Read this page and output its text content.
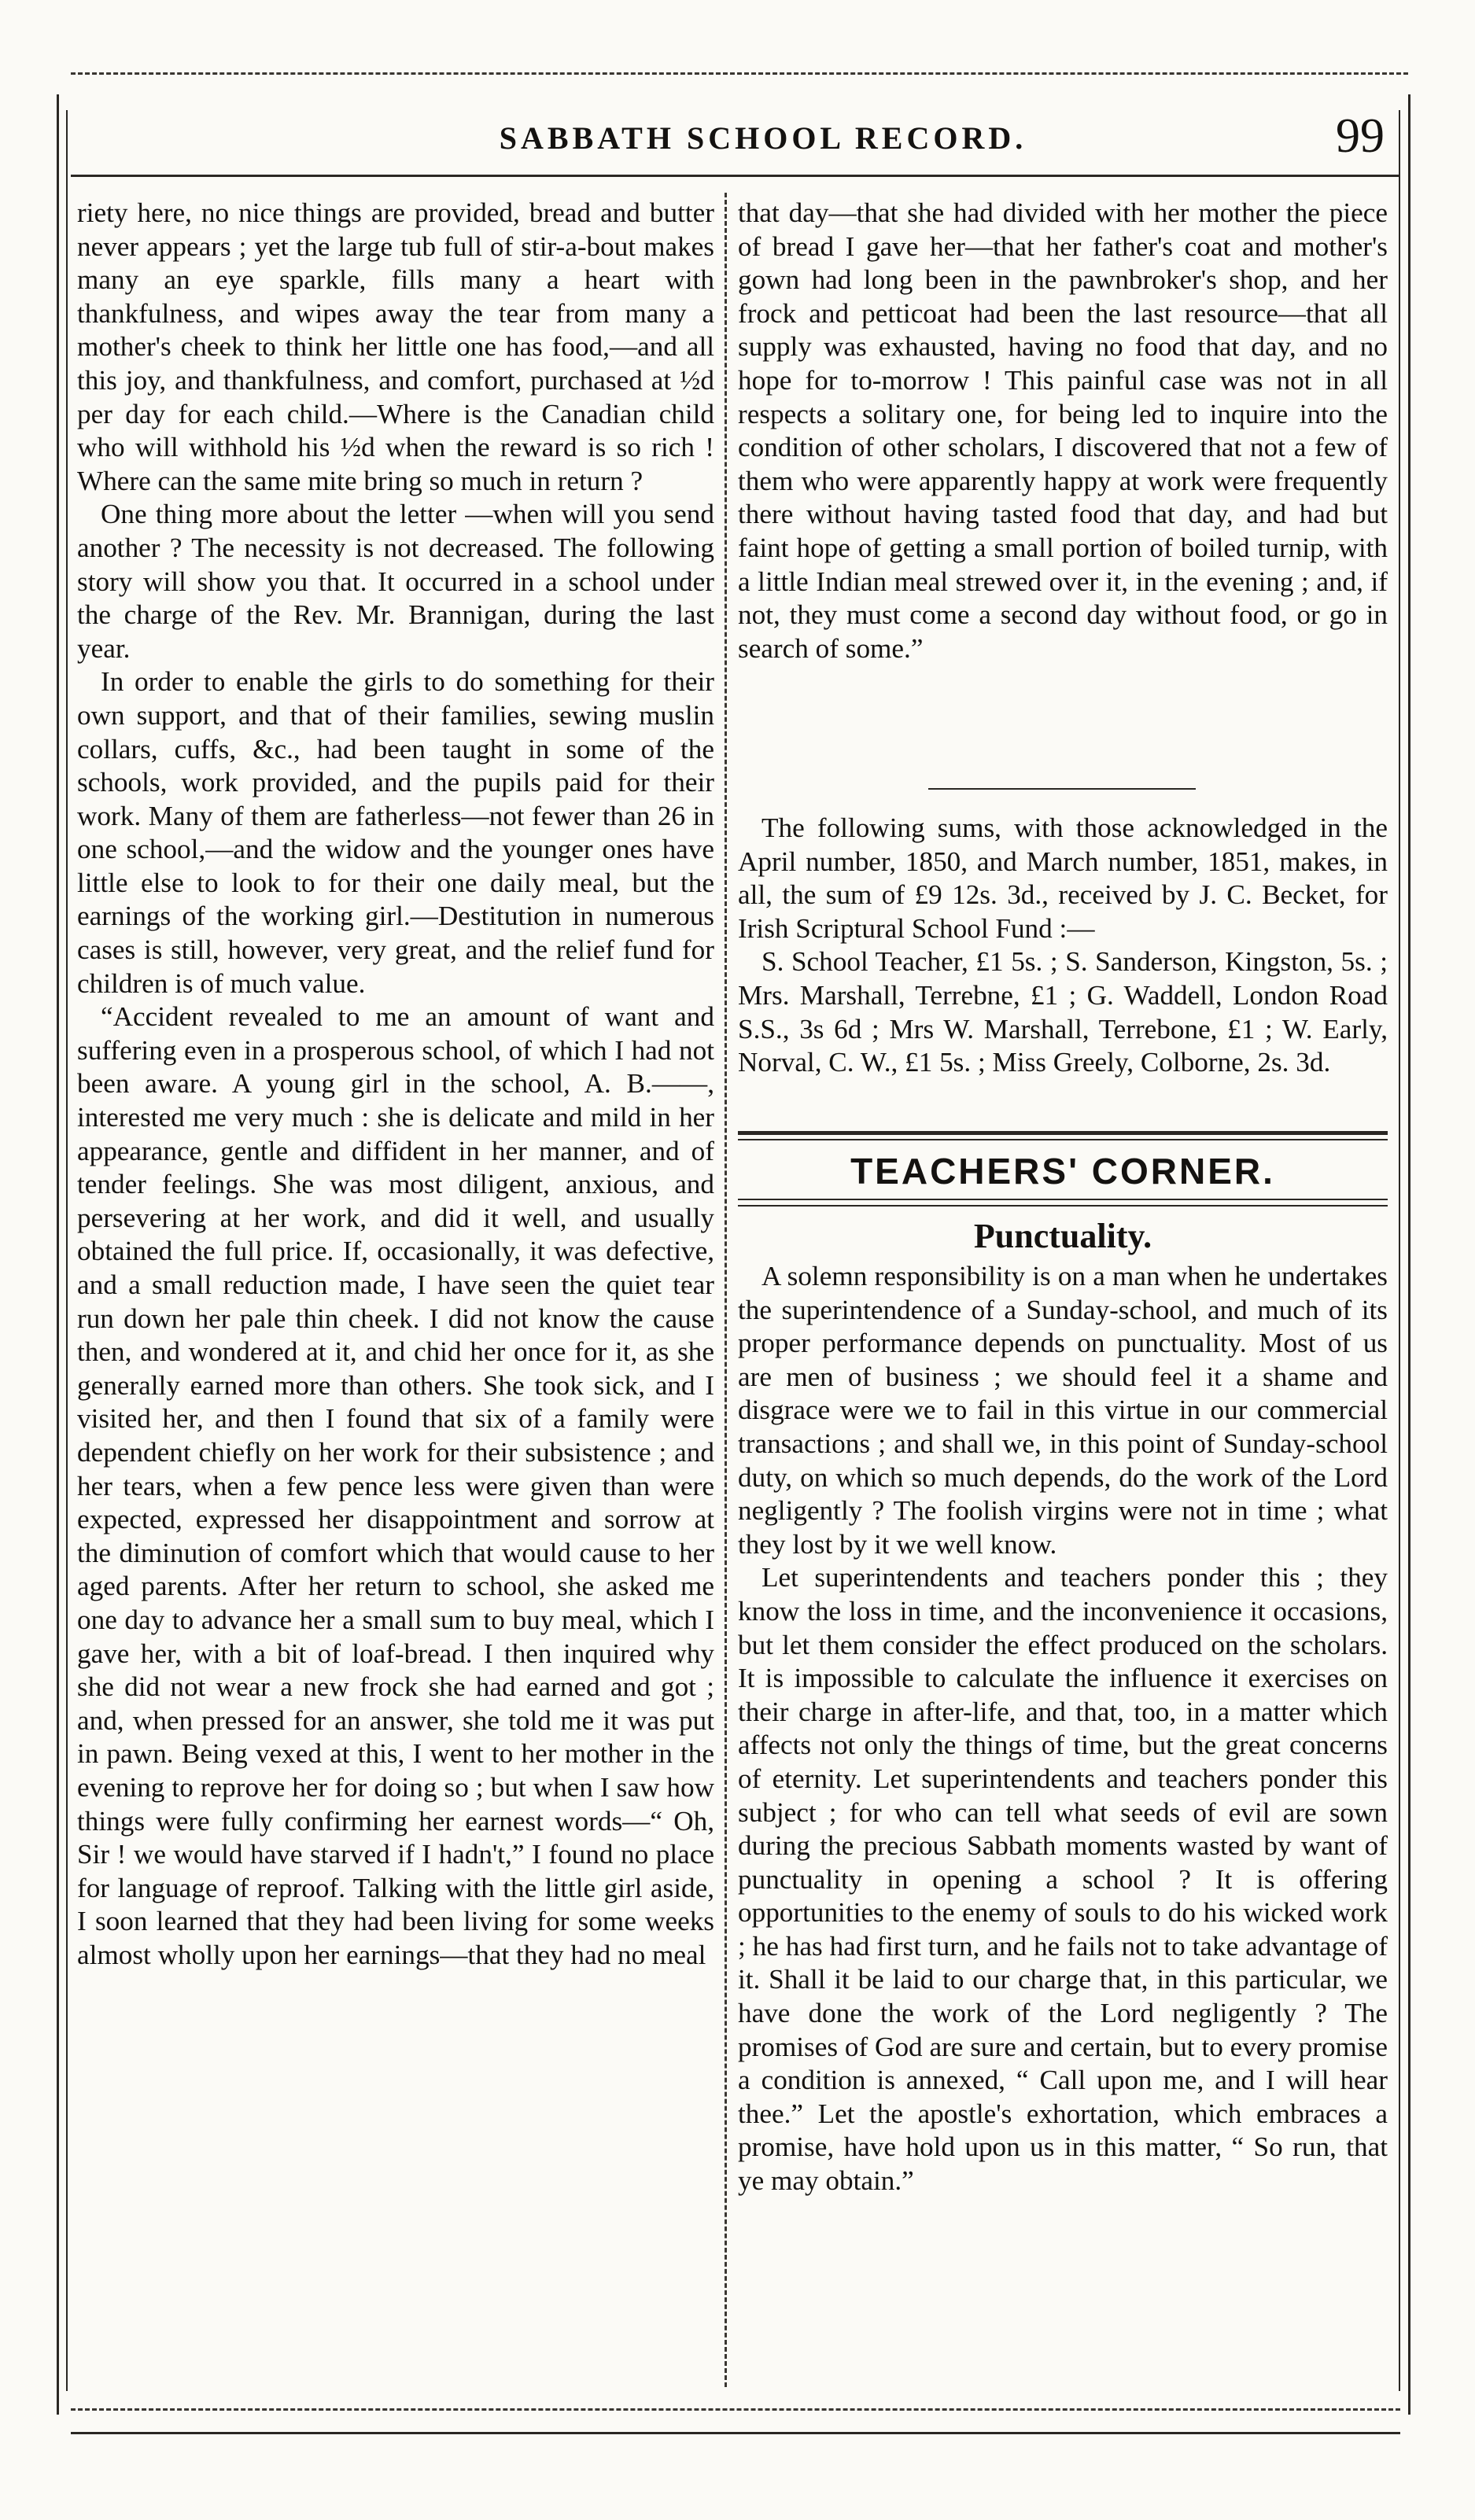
SABBATH SCHOOL RECORD.	99

riety here, no nice things are provided, bread and butter never appears ; yet the large tub full of stir-a-bout makes many an eye sparkle, fills many a heart with thankfulness, and wipes away the tear from many a mother's cheek to think her little one has food,—and all this joy, and thankfulness, and comfort, purchased at ½d per day for each child.—Where is the Canadian child who will withhold his ½d when the reward is so rich ! Where can the same mite bring so much in return ?

One thing more about the letter —when will you send another ? The necessity is not decreased. The following story will show you that. It occurred in a school under the charge of the Rev. Mr. Brannigan, during the last year.

In order to enable the girls to do something for their own support, and that of their families, sewing muslin collars, cuffs, &c., had been taught in some of the schools, work provided, and the pupils paid for their work. Many of them are fatherless—not fewer than 26 in one school,—and the widow and the younger ones have little else to look to for their one daily meal, but the earnings of the working girl.—Destitution in numerous cases is still, however, very great, and the relief fund for children is of much value.

“Accident revealed to me an amount of want and suffering even in a prosperous school, of which I had not been aware. A young girl in the school, A. B.——, interested me very much : she is delicate and mild in her appearance, gentle and diffident in her manner, and of tender feelings. She was most diligent, anxious, and persevering at her work, and did it well, and usually obtained the full price. If, occasionally, it was defective, and a small reduction made, I have seen the quiet tear run down her pale thin cheek. I did not know the cause then, and wondered at it, and chid her once for it, as she generally earned more than others. She took sick, and I visited her, and then I found that six of a family were dependent chiefly on her work for their subsistence ; and her tears, when a few pence less were given than were expected, expressed her disappointment and sorrow at the diminution of comfort which that would cause to her aged parents. After her return to school, she asked me one day to advance her a small sum to buy meal, which I gave her, with a bit of loaf-bread. I then inquired why she did not wear a new frock she had earned and got ; and, when pressed for an answer, she told me it was put in pawn. Being vexed at this, I went to her mother in the evening to reprove her for doing so ; but when I saw how things were fully confirming her earnest words—“ Oh, Sir ! we would have starved if I hadn't,” I found no place for language of reproof. Talking with the little girl aside, I soon learned that they had been living for some weeks almost wholly upon her earnings—that they had no meal

that day—that she had divided with her mother the piece of bread I gave her—that her father's coat and mother's gown had long been in the pawnbroker's shop, and her frock and petticoat had been the last resource—that all supply was exhausted, having no food that day, and no hope for to-morrow ! This painful case was not in all respects a solitary one, for being led to inquire into the condition of other scholars, I discovered that not a few of them who were apparently happy at work were frequently there without having tasted food that day, and had but faint hope of getting a small portion of boiled turnip, with a little Indian meal strewed over it, in the evening ; and, if not, they must come a second day without food, or go in search of some.”

The following sums, with those acknowledged in the April number, 1850, and March number, 1851, makes, in all, the sum of £9 12s. 3d., received by J. C. Becket, for Irish Scriptural School Fund :—

S. School Teacher, £1 5s. ; S. Sanderson, Kingston, 5s. ; Mrs. Marshall, Terrebne, £1 ; G. Waddell, London Road S.S., 3s 6d ; Mrs W. Marshall, Terrebone, £1 ; W. Early, Norval, C. W., £1 5s. ; Miss Greely, Colborne, 2s. 3d.

TEACHERS' CORNER.
Punctuality.

A solemn responsibility is on a man when he undertakes the superintendence of a Sunday-school, and much of its proper performance depends on punctuality. Most of us are men of business ; we should feel it a shame and disgrace were we to fail in this virtue in our commercial transactions ; and shall we, in this point of Sunday-school duty, on which so much depends, do the work of the Lord negligently ? The foolish virgins were not in time ; what they lost by it we well know.

Let superintendents and teachers ponder this ; they know the loss in time, and the inconvenience it occasions, but let them consider the effect produced on the scholars. It is impossible to calculate the influence it exercises on their charge in after-life, and that, too, in a matter which affects not only the things of time, but the great concerns of eternity. Let superintendents and teachers ponder this subject ; for who can tell what seeds of evil are sown during the precious Sabbath moments wasted by want of punctuality in opening a school ? It is offering opportunities to the enemy of souls to do his wicked work ; he has had first turn, and he fails not to take advantage of it. Shall it be laid to our charge that, in this particular, we have done the work of the Lord negligently ? The promises of God are sure and certain, but to every promise a condition is annexed, “ Call upon me, and I will hear thee.” Let the apostle's exhortation, which embraces a promise, have hold upon us in this matter, “ So run, that ye may obtain.”
